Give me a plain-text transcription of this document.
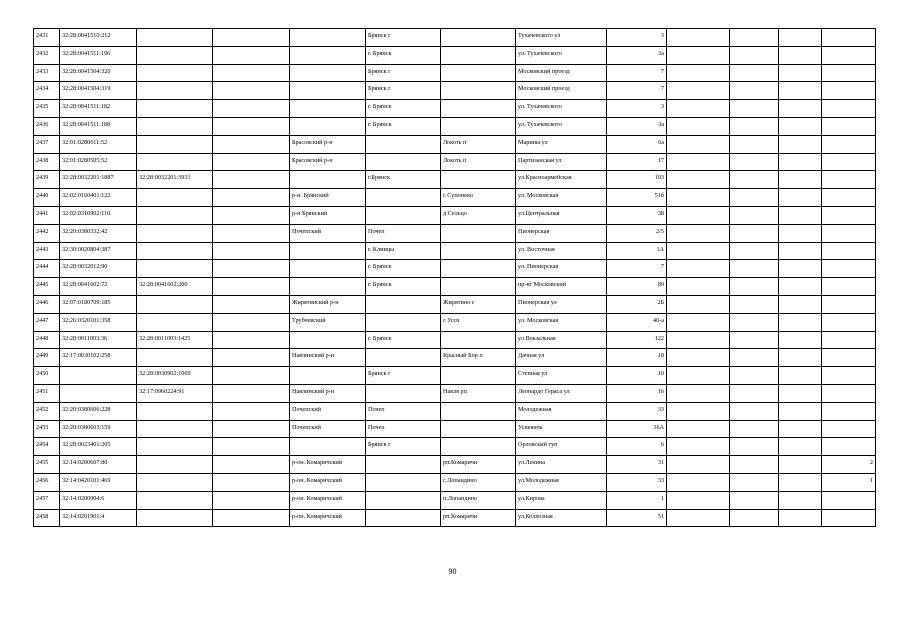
2431	32:28:0041510:212				Брянск г		Тухачевского ул	3				
2432	32:28:0041511:196				г. Брянск		ул. Тухачевского	3а				
2433	32:28:0041504:320				Брянск г		Московский проезд	7				
2434	32:28:0041504:319				Брянск г		Московский проезд	7				
2435	32:28:0041511:182				г. Брянск		ул. Тухачевского	3				
2436	32:28:0041511:188				г. Брянск		ул. Тухачевского	3а				
2437	32:01:0280611:52			Брасовский р-н		Локоть п	Марины ул	6а				
2438	32:01:0280505:52			Брасовский р-н		Локоть п	Партизанская ул	17				
2439	32:28:0032201:1887	32:28:0032201:3931			г.Брянск		ул.Красноармейская	103				
2440	32:02:0160401:122			р-н. Брянский		с Супонево	ул. Московская	51б				
2441	32:02:0310902:110			р-н Брянский		д.Сельцо	ул.Центральная	38				
2442	32:20:0380332:42			Почепский	Почеп		Пионерская	2/5				
2443	32:30:0020804:387				г. Клинцы		ул. Восточная	1А				
2444	32:28:0032012:90				г. Брянск		ул. Пионерская	7				
2445	32:28:0041602:72	32:28:0041602:200			г. Брянск		пр-кт Московский	89				
2446	32:07:0180709:185			Жирятинский р-н		Жирятино с	Пионерская ул	2Б				
2447	32:26:0320101:358			Трубчевский		с Усох	ул. Московская	40-а				
2448	32:28:0011003:36	32:28:0011003:1425			г. Брянск		ул.Вокзальная	122				
2449	32:17:0030102:258			Навлинский р-н		Красный Бор п	Дачная ул	18				
2450		32:28:0030902:1069			Брянск г		Степная ул	10				
2451		32:17:0960224:91		Навлинский р-н		Навля рп	Леонардо Гераса ул	16				
2452	32:20:0380606:228			Почепский	Почеп		Молодежная	33				
2453	32:20:0380603:159			Почепский	Почеп		Усиевича	36А				
2454	32:28:0023401:205				Брянск г		Орловский туп	6				
2455	32:14:0200607:80			р-он. Комаричский		рп.Комаричи	ул.Ленина	31				2
2456	32:14:0420101:469			р-он. Комаричский		с.Лопандино	ул.Молодежная	33				1
2457	32:14:0200904:6			р-он. Комаричский		п.Лопандино	ул.Кирова	1				
2458	32:14:0201901:4			р-он. Комаричский		рп.Комаричи	ул.Колхозная	51				
90
